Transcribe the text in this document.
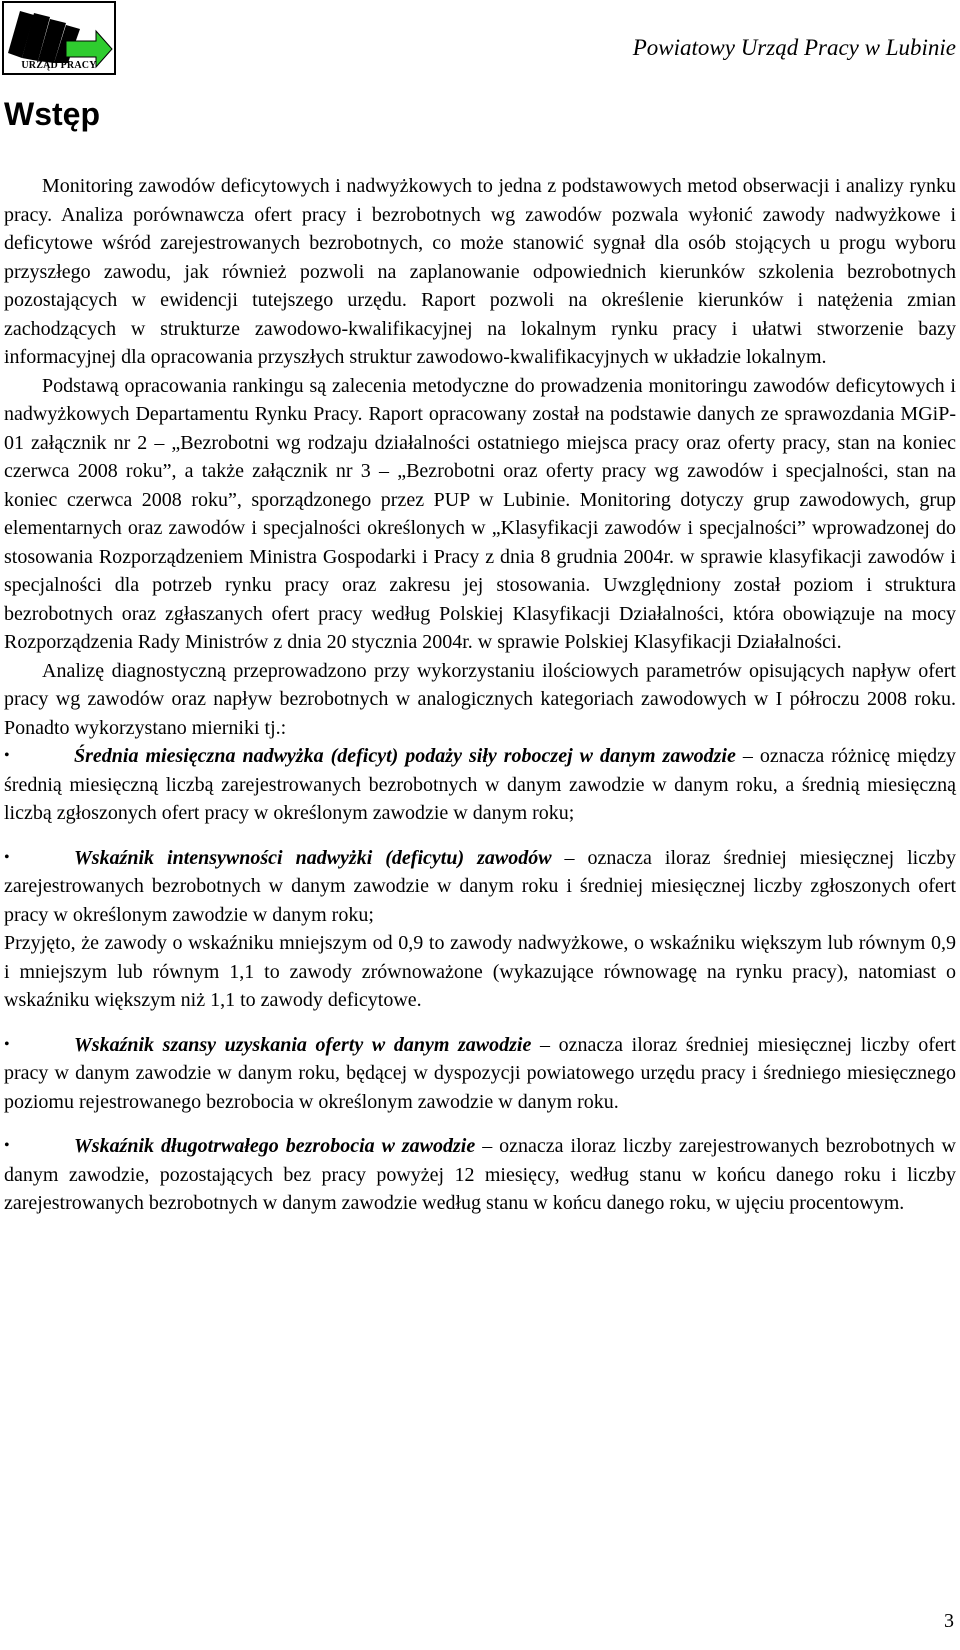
URZĄD PRACY
Powiatowy Urząd Pracy w Lubinie
Wstęp

Monitoring zawodów deficytowych i nadwyżkowych to jedna z podstawowych metod obserwacji i analizy rynku pracy. Analiza porównawcza ofert pracy i bezrobotnych wg zawodów pozwala wyłonić zawody nadwyżkowe i deficytowe wśród zarejestrowanych bezrobotnych, co może stanowić sygnał dla osób stojących u progu wyboru przyszłego zawodu, jak również pozwoli na zaplanowanie odpowiednich kierunków szkolenia bezrobotnych pozostających w ewidencji tutejszego urzędu. Raport pozwoli na określenie kierunków i natężenia zmian zachodzących w strukturze zawodowo-kwalifikacyjnej na lokalnym rynku pracy i ułatwi stworzenie bazy informacyjnej dla opracowania przyszłych struktur zawodowo-kwalifikacyjnych w układzie lokalnym.

Podstawą opracowania rankingu są zalecenia metodyczne do prowadzenia monitoringu zawodów deficytowych i nadwyżkowych Departamentu Rynku Pracy. Raport opracowany został na podstawie danych ze sprawozdania MGiP-01 załącznik nr 2 – „Bezrobotni wg rodzaju działalności ostatniego miejsca pracy oraz oferty pracy, stan na koniec czerwca 2008 roku”, a także załącznik nr 3 – „Bezrobotni oraz oferty pracy wg zawodów i specjalności, stan na koniec czerwca 2008 roku”, sporządzonego przez PUP w Lubinie. Monitoring dotyczy grup zawodowych, grup elementarnych oraz zawodów i specjalności określonych w „Klasyfikacji zawodów i specjalności” wprowadzonej do stosowania Rozporządzeniem Ministra Gospodarki i Pracy z dnia 8 grudnia 2004r. w sprawie klasyfikacji zawodów i specjalności dla potrzeb rynku pracy oraz zakresu jej stosowania. Uwzględniony został poziom i struktura bezrobotnych oraz zgłaszanych ofert pracy według Polskiej Klasyfikacji Działalności, która obowiązuje na mocy Rozporządzenia Rady Ministrów z dnia 20 stycznia 2004r. w sprawie Polskiej Klasyfikacji Działalności.

Analizę diagnostyczną przeprowadzono przy wykorzystaniu ilościowych parametrów opisujących napływ ofert pracy wg zawodów oraz napływ bezrobotnych w analogicznych kategoriach zawodowych w I półroczu 2008 roku. Ponadto wykorzystano mierniki tj.:

•	Średnia miesięczna nadwyżka (deficyt) podaży siły roboczej w danym zawodzie – oznacza różnicę między średnią miesięczną liczbą zarejestrowanych bezrobotnych w danym zawodzie w danym roku, a średnią miesięczną liczbą zgłoszonych ofert pracy w określonym zawodzie w danym roku;

•	Wskaźnik intensywności nadwyżki (deficytu) zawodów – oznacza iloraz średniej miesięcznej liczby zarejestrowanych bezrobotnych w danym zawodzie w danym roku i średniej miesięcznej liczby zgłoszonych ofert pracy w określonym zawodzie w danym roku;

Przyjęto, że zawody o wskaźniku mniejszym od 0,9 to zawody nadwyżkowe, o wskaźniku większym lub równym 0,9 i mniejszym lub równym 1,1 to zawody zrównoważone (wykazujące równowagę na rynku pracy), natomiast o wskaźniku większym niż 1,1 to zawody deficytowe.

•	Wskaźnik szansy uzyskania oferty w danym zawodzie – oznacza iloraz średniej miesięcznej liczby ofert pracy w danym zawodzie w danym roku, będącej w dyspozycji powiatowego urzędu pracy i średniego miesięcznego poziomu rejestrowanego bezrobocia w określonym zawodzie w danym roku.

•	Wskaźnik długotrwałego bezrobocia w zawodzie – oznacza iloraz liczby zarejestrowanych bezrobotnych w danym zawodzie, pozostających bez pracy powyżej 12 miesięcy, według stanu w końcu danego roku i liczby zarejestrowanych bezrobotnych w danym zawodzie według stanu w końcu danego roku, w ujęciu procentowym.

3
